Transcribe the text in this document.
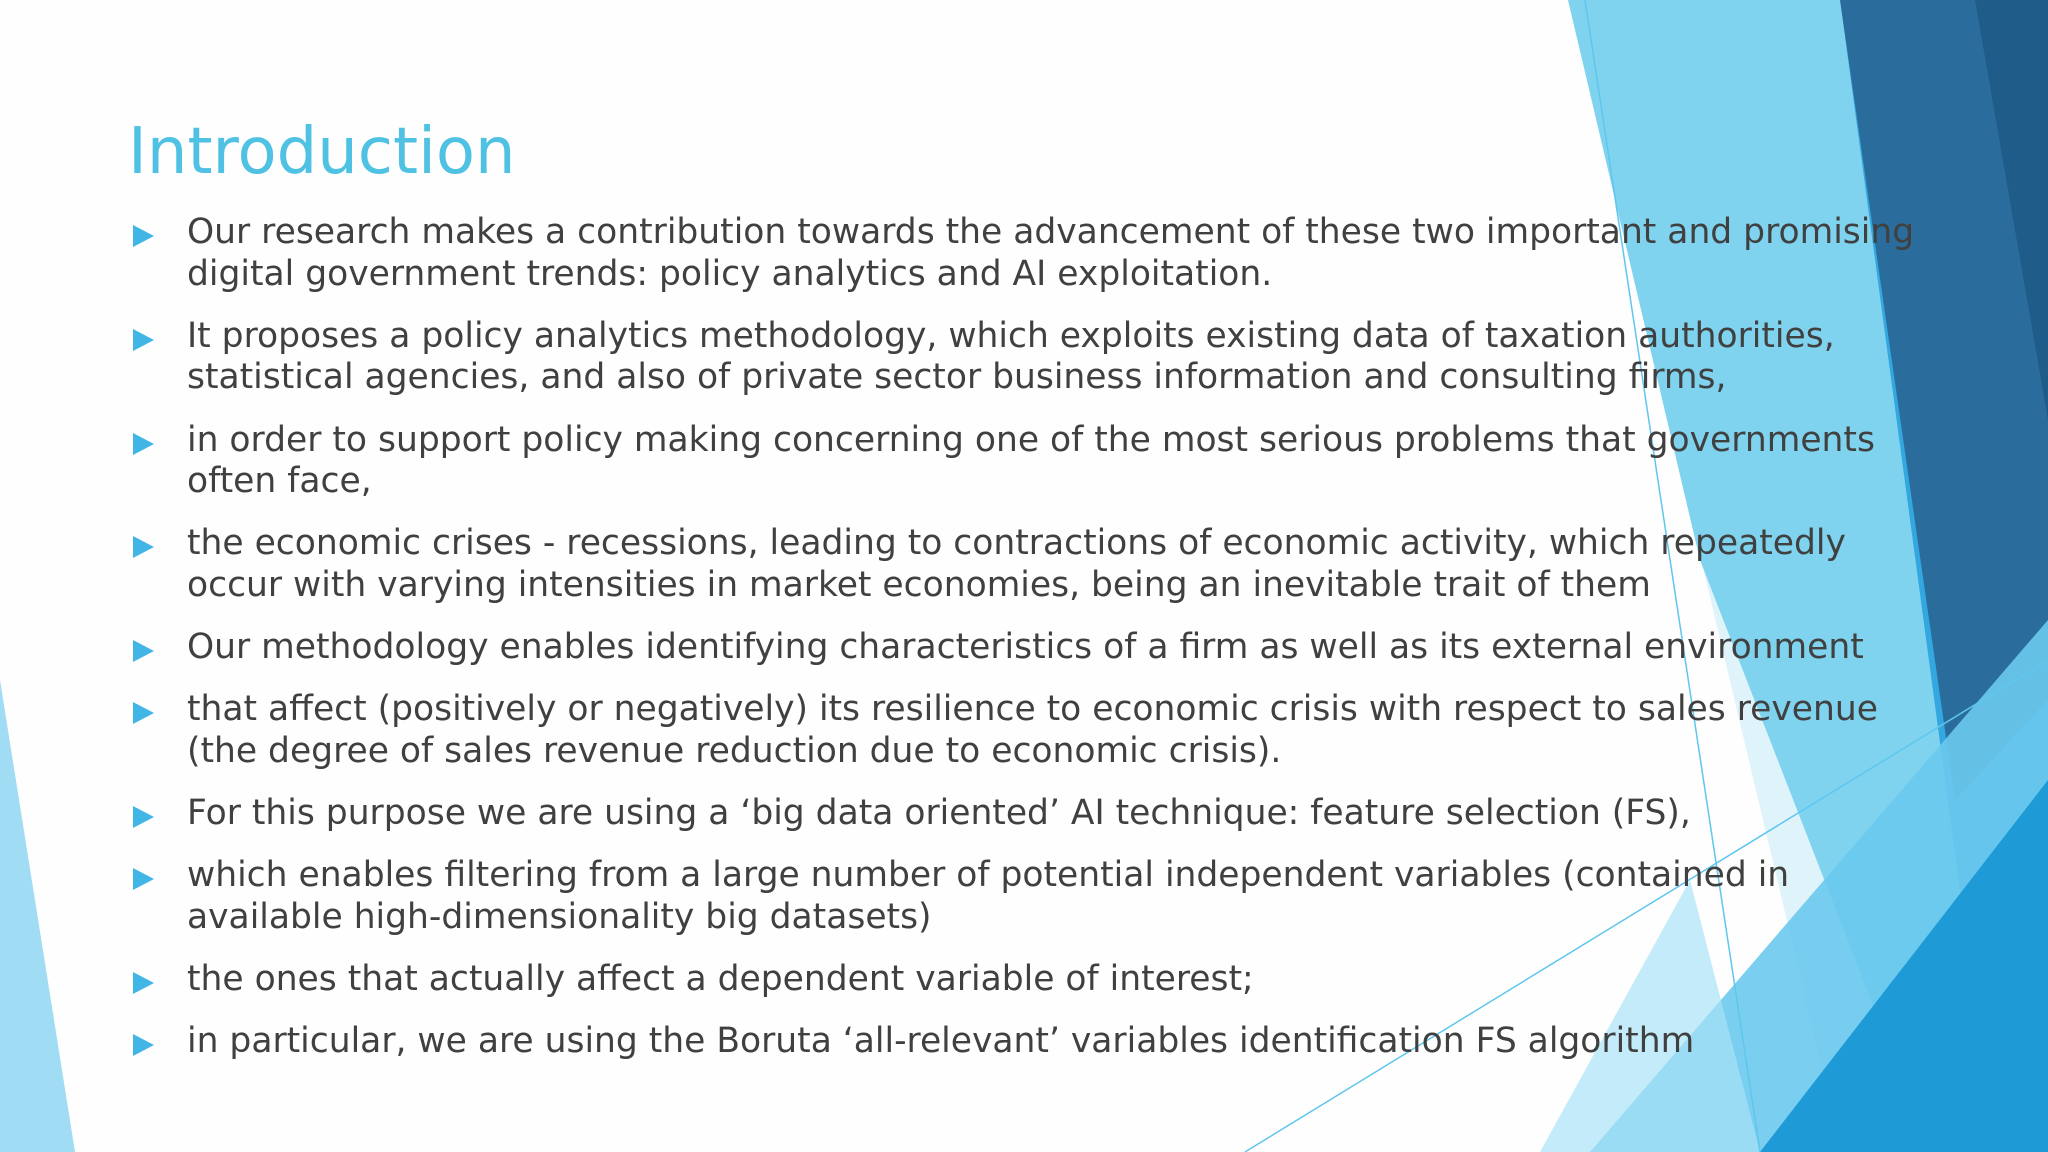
Introduction
Our research makes a contribution towards the advancement of these two important and promising
digital government trends: policy analytics and AI exploitation.
It proposes a policy analytics methodology, which exploits existing data of taxation authorities,
statistical agencies, and also of private sector business information and consulting firms,
in order to support policy making concerning one of the most serious problems that governments
often face,
the economic crises - recessions, leading to contractions of economic activity, which repeatedly
occur with varying intensities in market economies, being an inevitable trait of them
Our methodology enables identifying characteristics of a firm as well as its external environment
that affect (positively or negatively) its resilience to economic crisis with respect to sales revenue
(the degree of sales revenue reduction due to economic crisis).
For this purpose we are using a ‘big data oriented’ AI technique: feature selection (FS),
which enables filtering from a large number of potential independent variables (contained in
available high-dimensionality big datasets)
the ones that actually affect a dependent variable of interest;
in particular, we are using the Boruta ‘all-relevant’ variables identification FS algorithm
